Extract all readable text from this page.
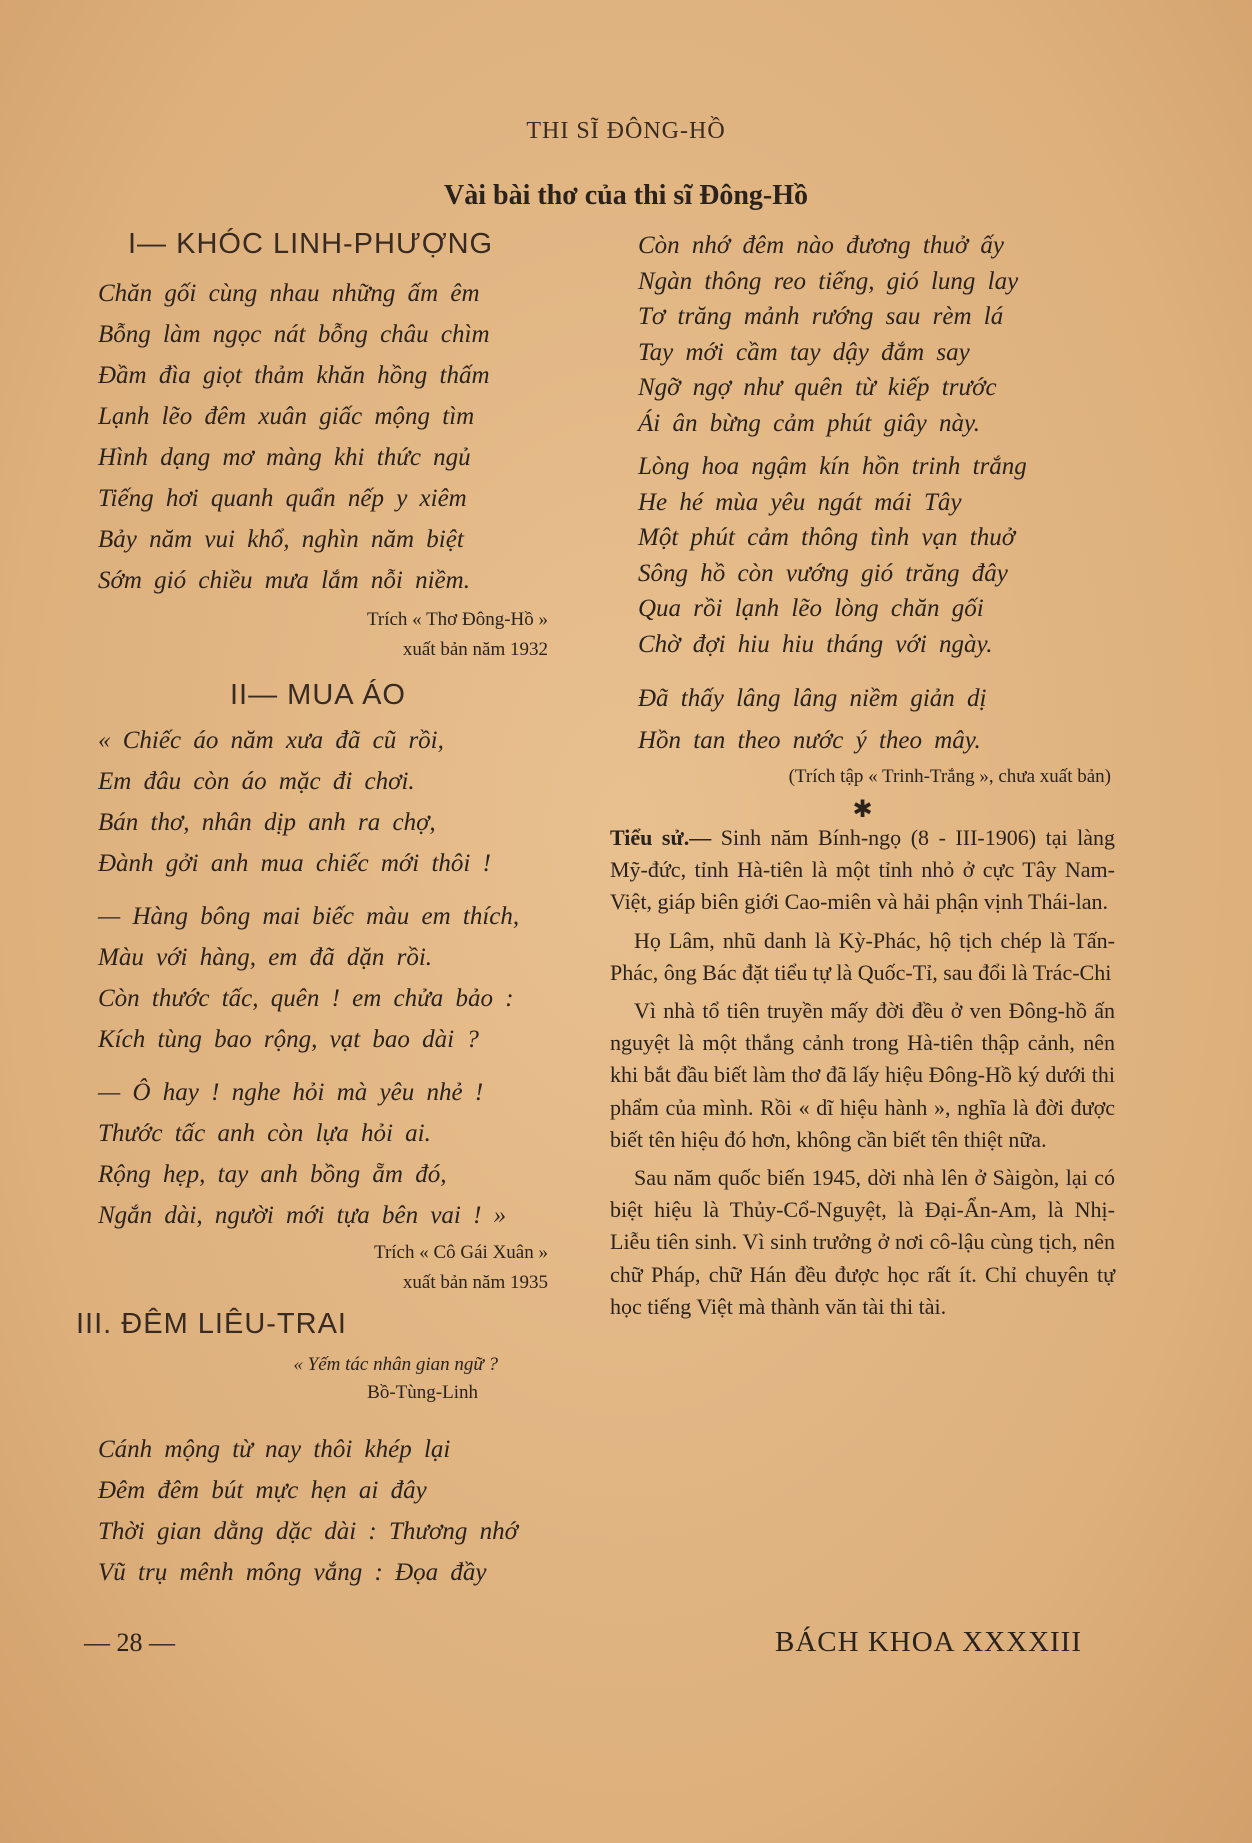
THI SĨ ĐÔNG-HỒ
Vài bài thơ của thi sĩ Đông-Hồ
I— KHÓC LINH-PHƯỢNG

Chăn gối cùng nhau những ấm êm

Bỗng làm ngọc nát bỗng châu chìm

Đầm đìa giọt thảm khăn hồng thấm

Lạnh lẽo đêm xuân giấc mộng tìm

Hình dạng mơ màng khi thức ngủ

Tiếng hơi quanh quẩn nếp y xiêm

Bảy năm vui khổ, nghìn năm biệt

Sớm gió chiều mưa lắm nỗi niềm.

Trích « Thơ Đông-Hồ »

xuất bản năm 1932

II— MUA ÁO

« Chiếc áo năm xưa đã cũ rồi,

Em đâu còn áo mặc đi chơi.

Bán thơ, nhân dịp anh ra chợ,

Đành gởi anh mua chiếc mới thôi !

— Hàng bông mai biếc màu em thích,

Màu với hàng, em đã dặn rồi.

Còn thước tấc, quên ! em chửa bảo :

Kích tùng bao rộng, vạt bao dài ?

— Ô hay ! nghe hỏi mà yêu nhẻ !

Thước tấc anh còn lựa hỏi ai.

Rộng hẹp, tay anh bồng ẵm đó,

Ngắn dài, người mới tựa bên vai ! »

Trích « Cô Gái Xuân »

xuất bản năm 1935

III. ĐÊM LIÊU-TRAI

« Yếm tác nhân gian ngữ ?

Bồ-Tùng-Linh

Cánh mộng từ nay thôi khép lại

Đêm đêm bút mực hẹn ai đây

Thời gian dằng dặc dài : Thương nhớ

Vũ trụ mênh mông vắng : Đọa đầy

Còn nhớ đêm nào đương thuở ấy

Ngàn thông reo tiếng, gió lung lay

Tơ trăng mảnh rướng sau rèm lá

Tay mới cầm tay dậy đắm say

Ngỡ ngợ như quên từ kiếp trước

Ái ân bừng cảm phút giây này.

Lòng hoa ngậm kín hồn trinh trắng

He hé mùa yêu ngát mái Tây

Một phút cảm thông tình vạn thuở

Sông hồ còn vướng gió trăng đây

Qua rồi lạnh lẽo lòng chăn gối

Chờ đợi hiu hiu tháng với ngày.

Đã thấy lâng lâng niềm giản dị

Hồn tan theo nước ý theo mây.

(Trích tập « Trinh-Trắng », chưa xuất bản)

✱

Tiểu sử.— Sinh năm Bính-ngọ (8 - III-1906) tại làng Mỹ-đức, tỉnh Hà-tiên là một tỉnh nhỏ ở cực Tây Nam-Việt, giáp biên giới Cao-miên và hải phận vịnh Thái-lan.

Họ Lâm, nhũ danh là Kỳ-Phác, hộ tịch chép là Tấn-Phác, ông Bác đặt tiểu tự là Quốc-Tỉ, sau đổi là Trác-Chi

Vì nhà tổ tiên truyền mấy đời đều ở ven Đông-hồ ấn nguyệt là một thắng cảnh trong Hà-tiên thập cảnh, nên khi bắt đầu biết làm thơ đã lấy hiệu Đông-Hồ ký dưới thi phẩm của mình. Rồi « dĩ hiệu hành », nghĩa là đời được biết tên hiệu đó hơn, không cần biết tên thiệt nữa.

Sau năm quốc biến 1945, dời nhà lên ở Sàigòn, lại có biệt hiệu là Thủy-Cổ-Nguyệt, là Đại-Ẩn-Am, là Nhị-Liễu tiên sinh. Vì sinh trưởng ở nơi cô-lậu cùng tịch, nên chữ Pháp, chữ Hán đều được học rất ít. Chỉ chuyên tự học tiếng Việt mà thành văn tài thi tài.

— 28 —	BÁCH KHOA XXXXIII
